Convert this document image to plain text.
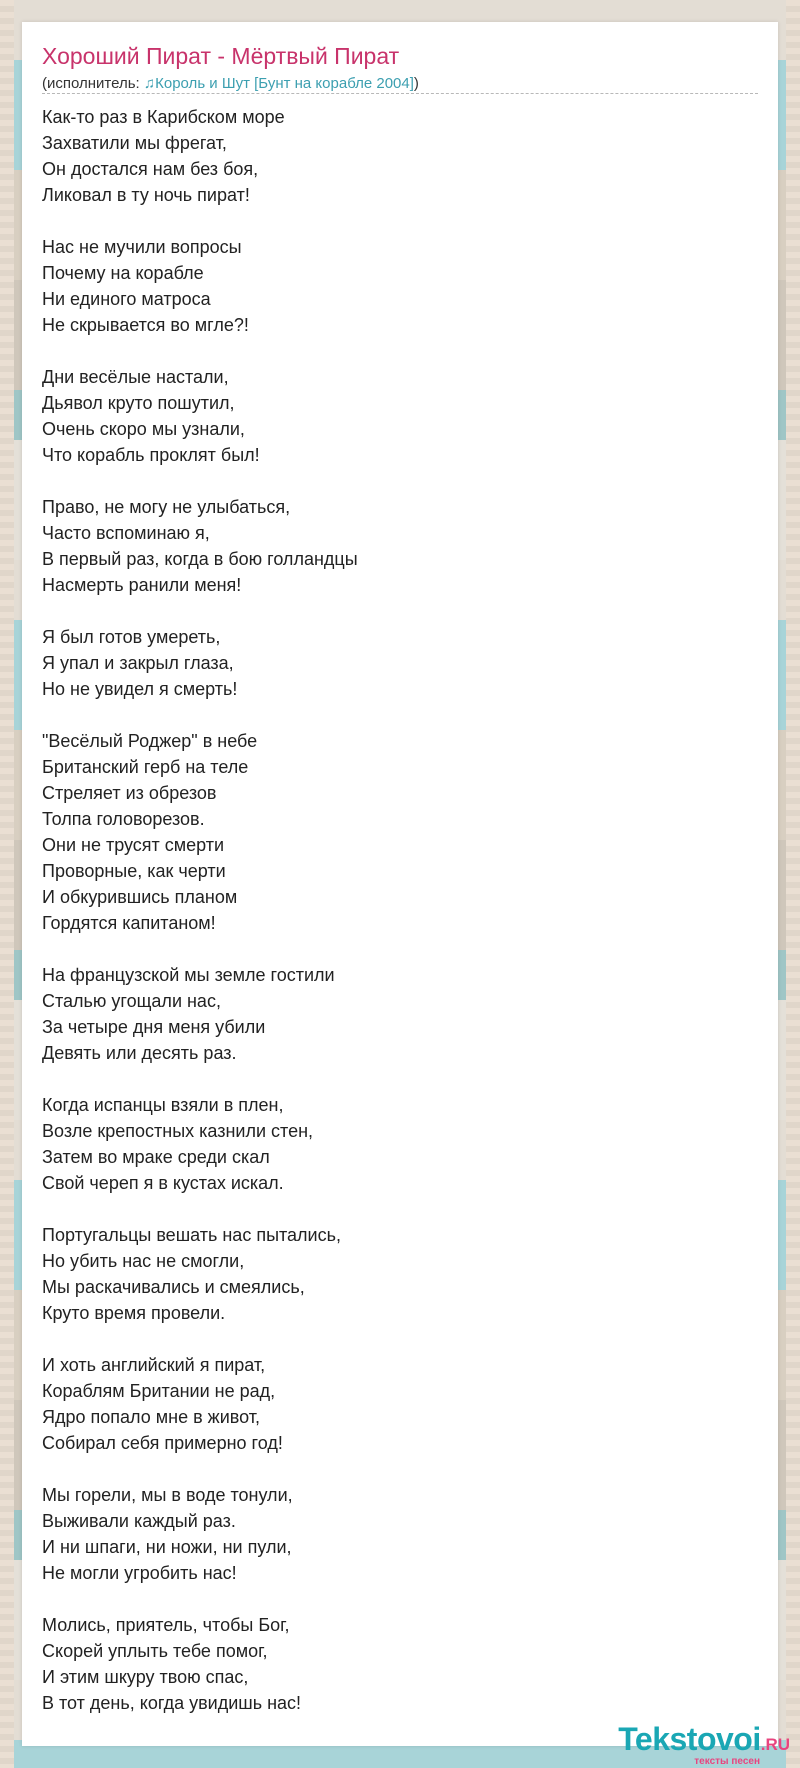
Хороший Пират - Мёртвый Пират
(исполнитель: ♫Король и Шут [Бунт на корабле 2004])
Как-то раз в Карибском море
Захватили мы фрегат,
Он достался нам без боя,
Ликовал в ту ночь пират!
Нас не мучили вопросы
Почему на корабле
Ни единого матроса
Не скрывается во мгле?!
Дни весёлые настали,
Дьявол круто пошутил,
Очень скоро мы узнали,
Что корабль проклят был!
Право, не могу не улыбаться,
Часто вспоминаю я,
В первый раз, когда в бою голландцы
Насмерть ранили меня!
Я был готов умереть,
Я упал и закрыл глаза,
Но не увидел я смерть!
"Весёлый Роджер" в небе
Британский герб на теле
Стреляет из обрезов
Толпа головорезов.
Они не трусят смерти
Проворные, как черти
И обкурившись планом
Гордятся капитаном!
На французской мы земле гостили
Сталью угощали нас,
За четыре дня меня убили
Девять или десять раз.
Когда испанцы взяли в плен,
Возле крепостных казнили стен,
Затем во мраке среди скал
Свой череп я в кустах искал.
Португальцы вешать нас пытались,
Но убить нас не смогли,
Мы раскачивались и смеялись,
Круто время провели.
И хоть английский я пират,
Кораблям Британии не рад,
Ядро попало мне в живот,
Собирал себя примерно год!
Мы горели, мы в воде тонули,
Выживали каждый раз.
И ни шпаги, ни ножи, ни пули,
Не могли угробить нас!
Молись, приятель, чтобы Бог,
Скорей уплыть тебе помог,
И этим шкуру твою спас,
В тот день, когда увидишь нас!
Tekstovoi.RU
тексты песен
